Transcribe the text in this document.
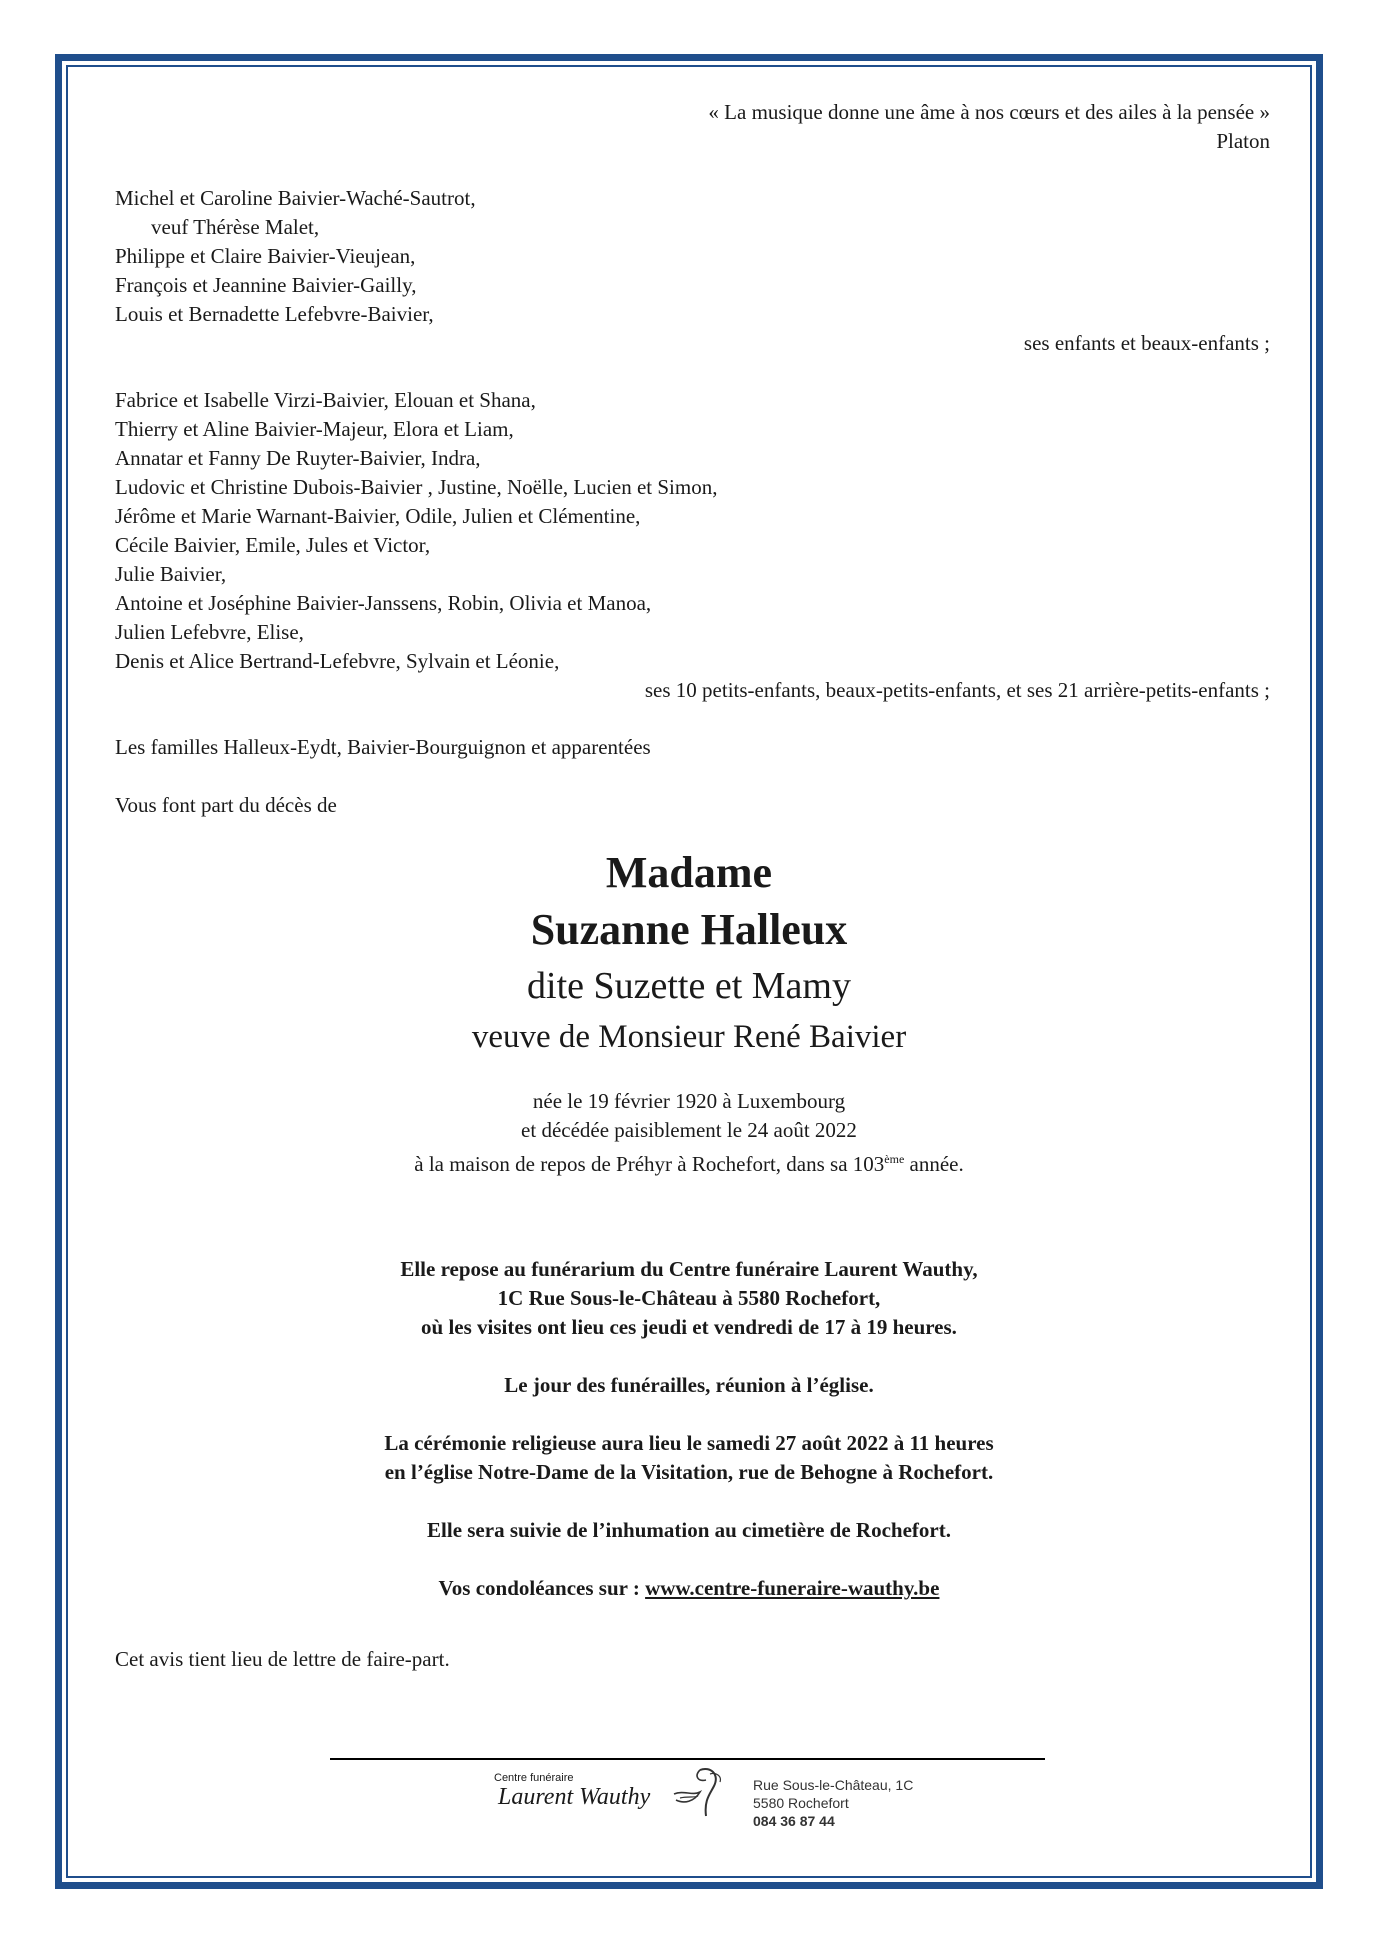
« La musique donne une âme à nos cœurs et des ailes à la pensée »
Platon
Michel et Caroline Baivier-Waché-Sautrot,
veuf Thérèse Malet,
Philippe et Claire Baivier-Vieujean,
François et Jeannine Baivier-Gailly,
Louis et Bernadette Lefebvre-Baivier,
ses enfants et beaux-enfants ;
Fabrice et Isabelle Virzi-Baivier, Elouan et Shana,
Thierry et Aline Baivier-Majeur, Elora et Liam,
Annatar et Fanny De Ruyter-Baivier, Indra,
Ludovic et Christine Dubois-Baivier , Justine, Noëlle, Lucien et Simon,
Jérôme et Marie Warnant-Baivier, Odile, Julien et Clémentine,
Cécile Baivier, Emile, Jules et Victor,
Julie Baivier,
Antoine et Joséphine Baivier-Janssens, Robin, Olivia et Manoa,
Julien Lefebvre, Elise,
Denis et Alice Bertrand-Lefebvre, Sylvain et Léonie,
ses 10 petits-enfants, beaux-petits-enfants, et ses 21 arrière-petits-enfants ;
Les familles Halleux-Eydt, Baivier-Bourguignon et apparentées
Vous font part du décès de
Madame
Suzanne Halleux
dite Suzette et Mamy
veuve de Monsieur René Baivier
née le 19 février 1920 à Luxembourg
et décédée paisiblement le 24 août 2022
à la maison de repos de Préhyr à Rochefort, dans sa 103ème année.
Elle repose au funérarium du Centre funéraire Laurent Wauthy,
1C Rue Sous-le-Château à 5580 Rochefort,
où les visites ont lieu ces jeudi et vendredi de 17 à 19 heures.
Le jour des funérailles, réunion à l’église.
La cérémonie religieuse aura lieu le samedi 27 août 2022 à 11 heures
en l’église Notre-Dame de la Visitation, rue de Behogne à Rochefort.
Elle sera suivie de l’inhumation au cimetière de Rochefort.
Vos condoléances sur : www.centre-funeraire-wauthy.be
Cet avis tient lieu de lettre de faire-part.
Centre funéraire
Laurent Wauthy	Rue Sous-le-Château, 1C
5580 Rochefort
084 36 87 44
